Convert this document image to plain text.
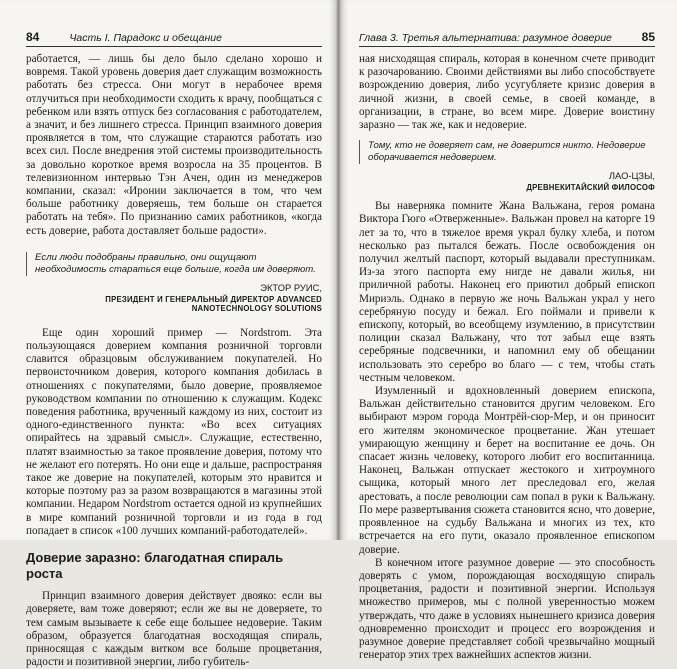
84	Часть I. Парадокс и обещание

работается, — лишь бы дело было сделано хорошо и вовремя. Такой уровень доверия дает служащим возможность работать без стресса. Они могут в нерабочее время отлучиться при необходимости сходить к врачу, пообщаться с ребенком или взять отпуск без согласования с работодателем, а значит, и без лишнего стресса. Принцип взаимного доверия проявляется в том, что служащие стараются работать изо всех сил. После внедрения этой системы производительность за довольно короткое время возросла на 35 процентов. В телевизионном интервью Тэн Ачен, один из менеджеров компании, сказал: «Иронии заключается в том, что чем больше работнику доверяешь, тем больше он старается работать на тебя». По признанию самих работников, «когда есть доверие, работа доставляет больше радости».

Если люди подобраны правильно, они ощущают необходимость стараться еще больше, когда им доверяют.
ЭКТОР РУИС,
ПРЕЗИДЕНТ И ГЕНЕРАЛЬНЫЙ ДИРЕКТОР ADVANCED NANOTECHNOLOGY SOLUTIONS

Еще один хороший пример — Nordstrom. Эта пользующаяся доверием компания розничной торговли славится образцовым обслуживанием покупателей. Но первоисточником доверия, которого компания добилась в отношениях с покупателями, было доверие, проявляемое руководством компании по отношению к служащим. Кодекс поведения работника, врученный каждому из них, состоит из одного-единственного пункта: «Во всех ситуациях опирайтесь на здравый смысл». Служащие, естественно, платят взаимностью за такое проявление доверия, потому что не желают его потерять. Но они еще и дальше, распространяя такое же доверие на покупателей, которым это нравится и которые поэтому раз за разом возвращаются в магазины этой компании. Недаром Nordstrom остается одной из крупнейших в мире компаний розничной торговли и из года в год попадает в список «100 лучших компаний-работодателей».

Доверие заразно: благодатная спираль роста

Принцип взаимного доверия действует двояко: если вы доверяете, вам тоже доверяют; если же вы не доверяете, то тем самым вызываете к себе еще большее недоверие. Таким образом, образуется благодатная восходящая спираль, приносящая с каждым витком все больше процветания, радости и позитивной энергии, либо губитель-

Глава 3. Третья альтернатива: разумное доверие	85

ная нисходящая спираль, которая в конечном счете приводит к разочарованию. Своими действиями вы либо способствуете возрождению доверия, либо усугубляете кризис доверия в личной жизни, в своей семье, в своей команде, в организации, в стране, во всем мире. Доверие воистину заразно — так же, как и недоверие.

Тому, кто не доверяет сам, не доверится никто. Недоверие оборачивается недоверием.
ЛАО-ЦЗЫ,
ДРЕВНЕКИТАЙСКИЙ ФИЛОСОФ

Вы наверняка помните Жана Вальжана, героя романа Виктора Гюго «Отверженные». Вальжан провел на каторге 19 лет за то, что в тяжелое время украл булку хлеба, и потом несколько раз пытался бежать. После освобождения он получил желтый паспорт, который выдавали преступникам. Из-за этого паспорта ему нигде не давали жилья, ни приличной работы. Наконец его приютил добрый епископ Мириэль. Однако в первую же ночь Вальжан украл у него серебряную посуду и бежал. Его поймали и привели к епископу, который, во всеобщему изумлению, в присутствии полиции сказал Вальжану, что тот забыл еще взять серебряные подсвечники, и напомнил ему об обещании использовать это серебро во благо — с тем, чтобы стать честным человеком.

Изумленный и вдохновленный доверием епископа, Вальжан действительно становится другим человеком. Его выбирают мэром города Монтрёй-сюр-Мер, и он приносит его жителям экономическое процветание. Жан утешает умирающую женщину и берет на воспитание ее дочь. Он спасает жизнь человеку, которого любит его воспитанница. Наконец, Вальжан отпускает жестокого и хитроумного сыщика, который много лет преследовал его, желая арестовать, а после революции сам попал в руки к Вальжану. По мере развертывания сюжета становится ясно, что доверие, проявленное на судьбу Вальжана и многих из тех, кто встречается на его пути, оказало проявленное епископом доверие.

В конечном итоге разумное доверие — это способность доверять с умом, порождающая восходящую спираль процветания, радости и позитивной энергии. Используя множество примеров, мы с полной уверенностью можем утверждать, что даже в условиях нынешнего кризиса доверия одновременно происходит и процесс его возрождения и разумное доверие представляет собой чрезвычайно мощный генератор этих трех важнейших аспектов жизни.
